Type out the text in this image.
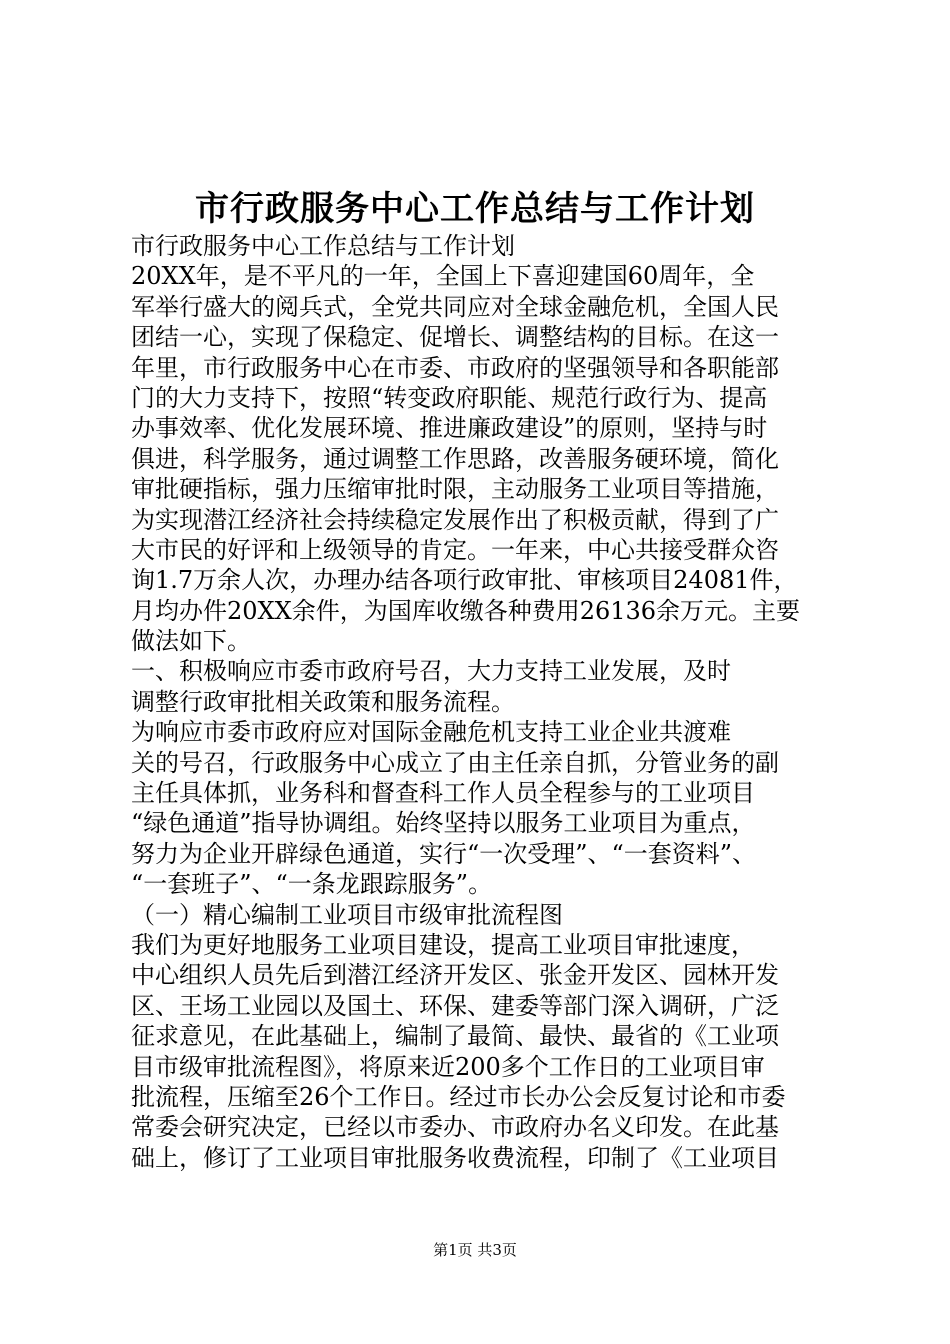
市行政服务中心工作总结与工作计划
市行政服务中心工作总结与工作计划
20XX年，是不平凡的一年，全国上下喜迎建国60周年，全
军举行盛大的阅兵式，全党共同应对全球金融危机，全国人民
团结一心，实现了保稳定、促增长、调整结构的目标。在这一
年里，市行政服务中心在市委、市政府的坚强领导和各职能部
门的大力支持下，按照“转变政府职能、规范行政行为、提高
办事效率、优化发展环境、推进廉政建设”的原则，坚持与时
俱进，科学服务，通过调整工作思路，改善服务硬环境，简化
审批硬指标，强力压缩审批时限，主动服务工业项目等措施，
为实现潜江经济社会持续稳定发展作出了积极贡献，得到了广
大市民的好评和上级领导的肯定。一年来，中心共接受群众咨
询1.7万余人次，办理办结各项行政审批、审核项目24081件，
月均办件20XX余件，为国库收缴各种费用26136余万元。主要
做法如下。
一、积极响应市委市政府号召，大力支持工业发展，及时
调整行政审批相关政策和服务流程。
为响应市委市政府应对国际金融危机支持工业企业共渡难
关的号召，行政服务中心成立了由主任亲自抓，分管业务的副
主任具体抓，业务科和督查科工作人员全程参与的工业项目
“绿色通道”指导协调组。始终坚持以服务工业项目为重点，
努力为企业开辟绿色通道，实行“一次受理”、“一套资料”、
“一套班子”、“一条龙跟踪服务”。
（一）精心编制工业项目市级审批流程图
我们为更好地服务工业项目建设，提高工业项目审批速度，
中心组织人员先后到潜江经济开发区、张金开发区、园林开发
区、王场工业园以及国土、环保、建委等部门深入调研，广泛
征求意见，在此基础上，编制了最简、最快、最省的《工业项
目市级审批流程图》，将原来近200多个工作日的工业项目审
批流程，压缩至26个工作日。经过市长办公会反复讨论和市委
常委会研究决定，已经以市委办、市政府办名义印发。在此基
础上，修订了工业项目审批服务收费流程，印制了《工业项目
第1页 共3页
